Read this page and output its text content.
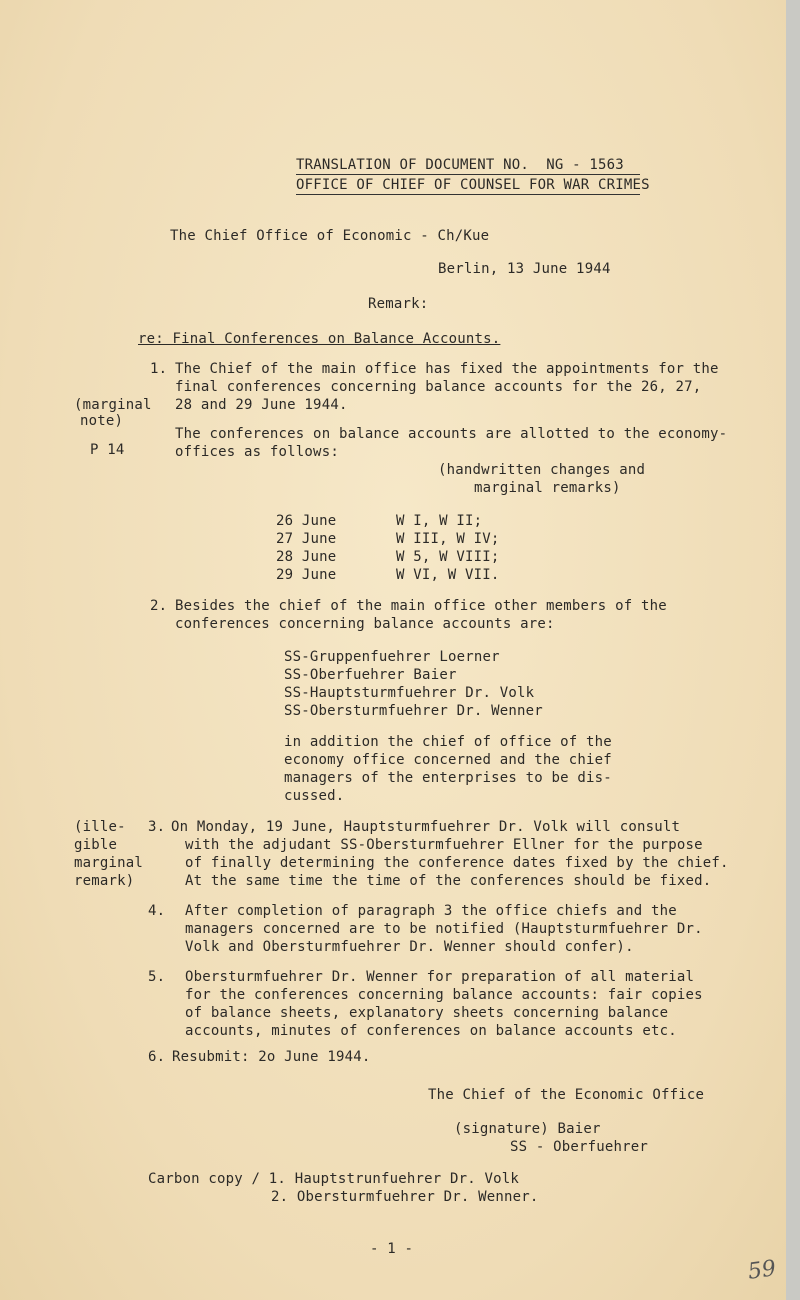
TRANSLATION OF DOCUMENT NO.  NG - 1563
OFFICE OF CHIEF OF COUNSEL FOR WAR CRIMES
The Chief Office of Economic - Ch/Kue
Berlin, 13 June 1944
Remark:
re: Final Conferences on Balance Accounts.
1. The Chief of the main office has fixed the appointments for the
final conferences concerning balance accounts for the 26, 27,
28 and 29 June 1944.
(marginal
note)
P 14
The conferences on balance accounts are allotted to the economy-
offices as follows:
(handwritten changes and
marginal remarks)
26 June	W I, W II;
27 June	W III, W IV;
28 June	W 5, W VIII;
29 June	W VI, W VII.
2. Besides the chief of the main office other members of the
conferences concerning balance accounts are:
SS-Gruppenfuehrer Loerner
SS-Oberfuehrer Baier
SS-Hauptsturmfuehrer Dr. Volk
SS-Obersturmfuehrer Dr. Wenner
in addition the chief of office of the
economy office concerned and the chief
managers of the enterprises to be dis-
cussed.
(ille-
gible
marginal
remark)
3. On Monday, 19 June, Hauptsturmfuehrer Dr. Volk will consult
with the adjudant SS-Obersturmfuehrer Ellner for the purpose
of finally determining the conference dates fixed by the chief.
At the same time the time of the conferences should be fixed.
4. After completion of paragraph 3 the office chiefs and the
managers concerned are to be notified (Hauptsturmfuehrer Dr.
Volk and Obersturmfuehrer Dr. Wenner should confer).
5. Obersturmfuehrer Dr. Wenner for preparation of all material
for the conferences concerning balance accounts: fair copies
of balance sheets, explanatory sheets concerning balance
accounts, minutes of conferences on balance accounts etc.
6. Resubmit: 2o June 1944.
The Chief of the Economic Office
(signature) Baier
SS - Oberfuehrer
Carbon copy / 1. Hauptstrunfuehrer Dr. Volk
2. Obersturmfuehrer Dr. Wenner.
- 1 -
59
